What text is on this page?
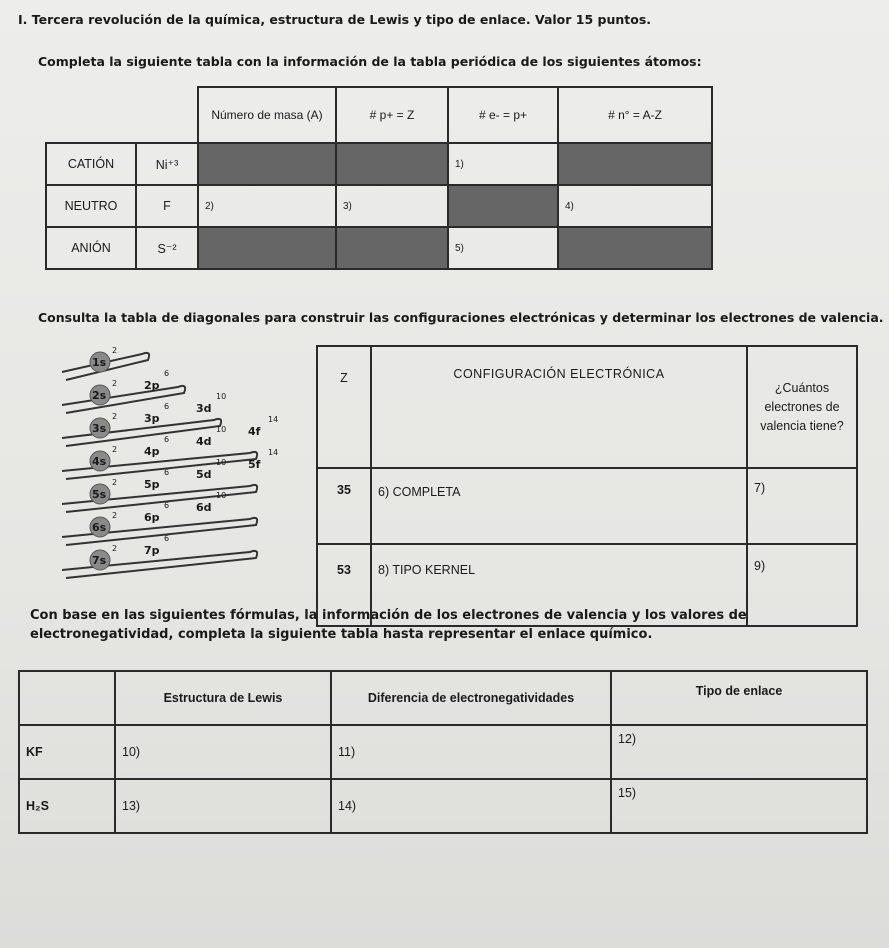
I. Tercera revolución de la química, estructura de Lewis y tipo de enlace. Valor 15 puntos.
Completa la siguiente tabla con la información de la tabla periódica de los siguientes átomos:
		Número de masa (A)	# p+ = Z	# e- = p+	# n° = A-Z
CATIÓN	Ni⁺³			1)	
NEUTRO	F	2)	3)		4)
ANIÓN	S⁻²			5)	
Consulta la tabla de diagonales para construir las configuraciones electrónicas y determinar los electrones de valencia.
1s
2
2s
2 2p
6
3s
2 3p
6 3d
10
4s
2 4p
6 4d
10 4f
14
5s
2 5p
6 5d
10 5f
14
6s
2 6p
6 6d
10
7s
2 7p
6
Z	CONFIGURACIÓN ELECTRÓNICA	¿Cuántos electrones de valencia tiene?
35	6) COMPLETA	7)
53	8) TIPO KERNEL	9)
Con base en las siguientes fórmulas, la información de los electrones de valencia y los valores de electronegatividad, completa la siguiente tabla hasta representar el enlace químico.
	Estructura de Lewis	Diferencia de electronegatividades	Tipo de enlace
KF	10)	11)	12)
H₂S	13)	14)	15)
